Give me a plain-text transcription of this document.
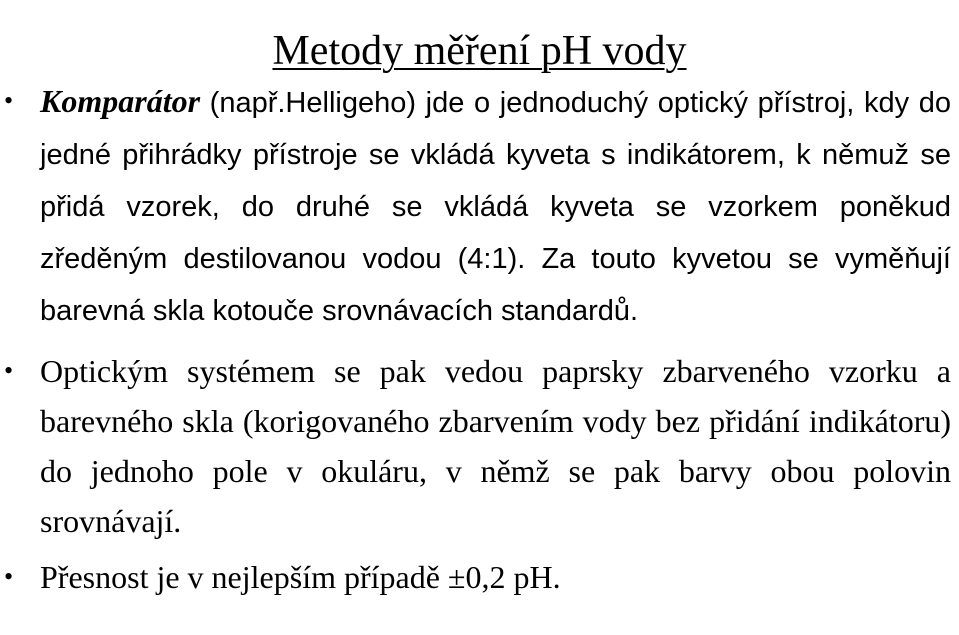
Metody měření pH vody
• Komparátor (např.Helligeho) jde o jednoduchý optický přístroj, kdy do jedné přihrádky přístroje se vkládá kyveta s indikátorem, k němuž se přidá vzorek, do druhé se vkládá kyveta se vzorkem poněkud zředěným destilovanou vodou (4:1). Za touto kyvetou se vyměňují barevná skla kotouče srovnávacích standardů.
• Optickým systémem se pak vedou paprsky zbarveného vzorku a barevného skla (korigovaného zbarvením vody bez přidání indikátoru) do jednoho pole v okuláru, v němž se pak barvy obou polovin srovnávají.
• Přesnost je v nejlepším případě ±0,2 pH.
